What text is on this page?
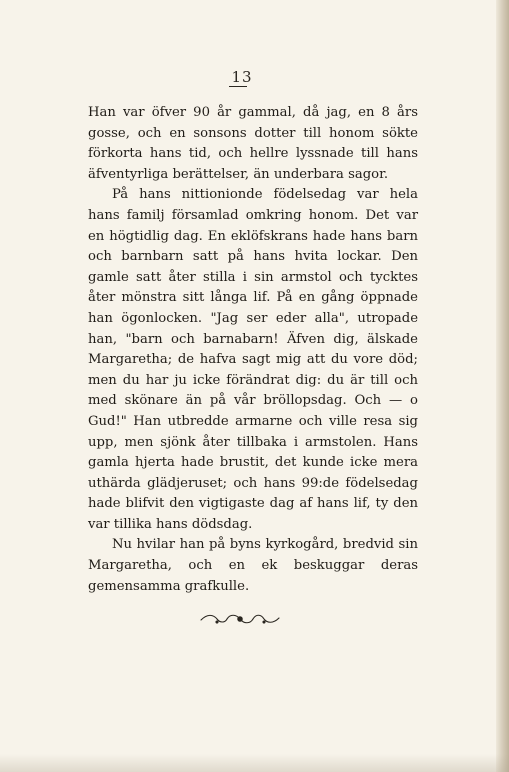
13

Han var öfver 90 år gammal, då jag, en 8 års gosse, och en sonsons dotter till honom sökte förkorta hans tid, och hellre lyssnade till hans äfventyrliga berättelser, än underbara sagor.

På hans nittionionde födelsedag var hela hans familj församlad omkring honom. Det var en högtidlig dag. En eklöfskrans hade hans barn och barnbarn satt på hans hvita lockar. Den gamle satt åter stilla i sin armstol och tycktes åter mönstra sitt långa lif. På en gång öppnade han ögonlocken. "Jag ser eder alla", utropade han, "barn och barnabarn! Äfven dig, älskade Margaretha; de hafva sagt mig att du vore död; men du har ju icke förändrat dig: du är till och med skönare än på vår bröllopsdag. Och — o Gud!" Han utbredde armarne och ville resa sig upp, men sjönk åter tillbaka i armstolen. Hans gamla hjerta hade brustit, det kunde icke mera uthärda glädjeruset; och hans 99:de födelsedag hade blifvit den vigtigaste dag af hans lif, ty den var tillika hans dödsdag.

Nu hvilar han på byns kyrkogård, bredvid sin Margaretha, och en ek beskuggar deras gemensamma grafkulle.
